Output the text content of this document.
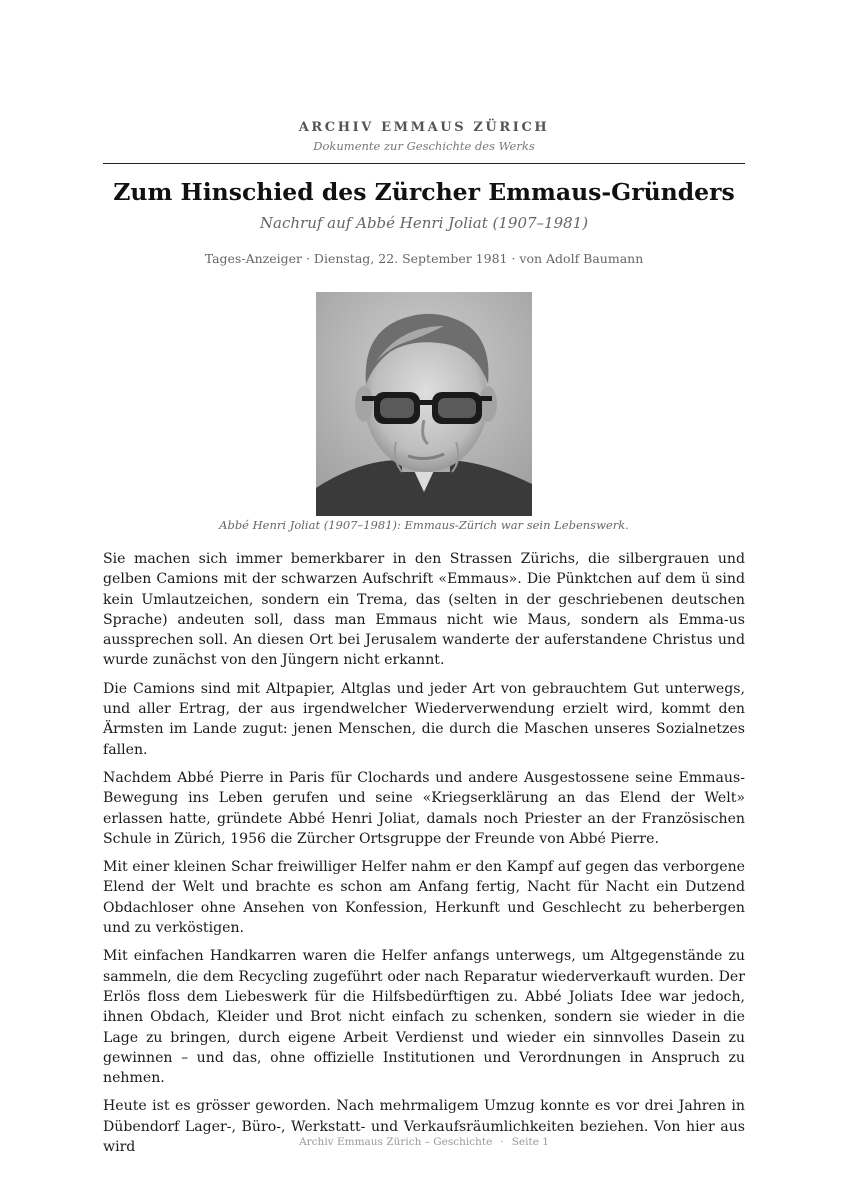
ARCHIV EMMAUS ZÜRICH
Dokumente zur Geschichte des Werks
Zum Hinschied des Zürcher Emmaus-Gründers
Nachruf auf Abbé Henri Joliat (1907–1981)
Tages-Anzeiger · Dienstag, 22. September 1981 · von Adolf Baumann
Abbé Henri Joliat (1907–1981): Emmaus-Zürich war sein Lebenswerk.

Sie machen sich immer bemerkbarer in den Strassen Zürichs, die silbergrauen und gelben Camions mit der schwarzen Aufschrift «Emmaus». Die Pünktchen auf dem ü sind kein Umlautzeichen, sondern ein Trema, das (selten in der geschriebenen deutschen Sprache) andeuten soll, dass man Emmaus nicht wie Maus, sondern als Emma-us aussprechen soll. An diesen Ort bei Jerusalem wanderte der auferstandene Christus und wurde zunächst von den Jüngern nicht erkannt.

Die Camions sind mit Altpapier, Altglas und jeder Art von gebrauchtem Gut unterwegs, und aller Ertrag, der aus irgendwelcher Wiederverwendung erzielt wird, kommt den Ärmsten im Lande zugut: jenen Menschen, die durch die Maschen unseres Sozialnetzes fallen.

Nachdem Abbé Pierre in Paris für Clochards und andere Ausgestossene seine Emmaus-Bewegung ins Leben gerufen und seine «Kriegserklärung an das Elend der Welt» erlassen hatte, gründete Abbé Henri Joliat, damals noch Priester an der Französischen Schule in Zürich, 1956 die Zürcher Ortsgruppe der Freunde von Abbé Pierre.

Mit einer kleinen Schar freiwilliger Helfer nahm er den Kampf auf gegen das verborgene Elend der Welt und brachte es schon am Anfang fertig, Nacht für Nacht ein Dutzend Obdachloser ohne Ansehen von Konfession, Herkunft und Geschlecht zu beherbergen und zu verköstigen.

Mit einfachen Handkarren waren die Helfer anfangs unterwegs, um Altgegenstände zu sammeln, die dem Recycling zugeführt oder nach Reparatur wiederverkauft wurden. Der Erlös floss dem Liebeswerk für die Hilfsbedürftigen zu. Abbé Joliats Idee war jedoch, ihnen Obdach, Kleider und Brot nicht einfach zu schenken, sondern sie wieder in die Lage zu bringen, durch eigene Arbeit Verdienst und wieder ein sinnvolles Dasein zu gewinnen – und das, ohne offizielle Institutionen und Verordnungen in Anspruch zu nehmen.

Heute ist es grösser geworden. Nach mehrmaligem Umzug konnte es vor drei Jahren in Dübendorf Lager-, Büro-, Werkstatt- und Verkaufsräumlichkeiten beziehen. Von hier aus wird	Archiv Emmaus Zürich – Geschichte · Seite 1
